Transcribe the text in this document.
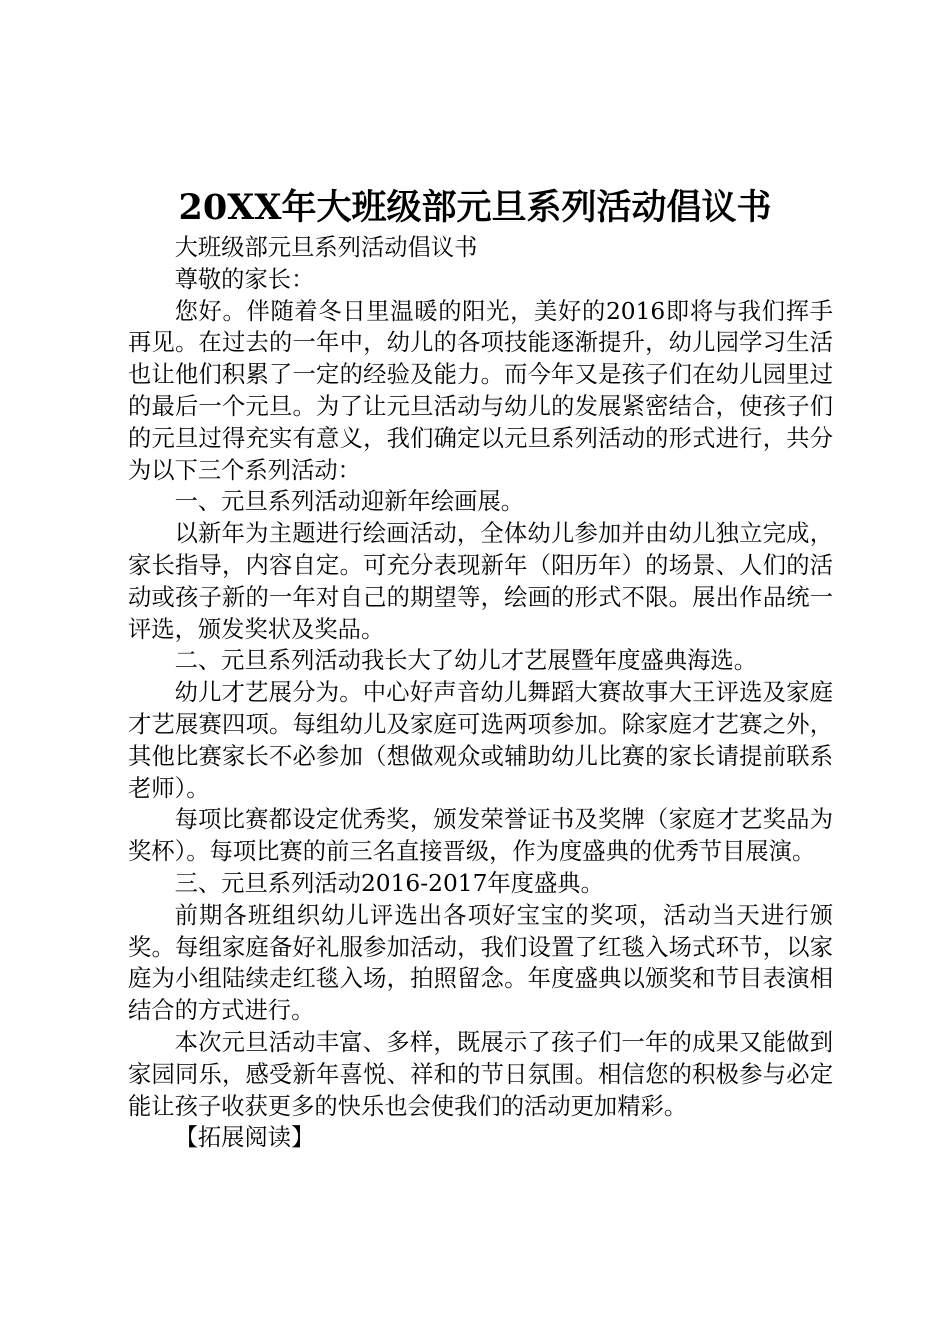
20XX年大班级部元旦系列活动倡议书

大班级部元旦系列活动倡议书

尊敬的家长：

您好。伴随着冬日里温暖的阳光，美好的2016即将与我们挥手再见。在过去的一年中，幼儿的各项技能逐渐提升，幼儿园学习生活也让他们积累了一定的经验及能力。而今年又是孩子们在幼儿园里过的最后一个元旦。为了让元旦活动与幼儿的发展紧密结合，使孩子们的元旦过得充实有意义，我们确定以元旦系列活动的形式进行，共分为以下三个系列活动：

一、元旦系列活动迎新年绘画展。

以新年为主题进行绘画活动，全体幼儿参加并由幼儿独立完成，家长指导，内容自定。可充分表现新年（阳历年）的场景、人们的活动或孩子新的一年对自己的期望等，绘画的形式不限。展出作品统一评选，颁发奖状及奖品。

二、元旦系列活动我长大了幼儿才艺展暨年度盛典海选。

幼儿才艺展分为。中心好声音幼儿舞蹈大赛故事大王评选及家庭才艺展赛四项。每组幼儿及家庭可选两项参加。除家庭才艺赛之外，其他比赛家长不必参加（想做观众或辅助幼儿比赛的家长请提前联系老师）。

每项比赛都设定优秀奖，颁发荣誉证书及奖牌（家庭才艺奖品为奖杯）。每项比赛的前三名直接晋级，作为度盛典的优秀节目展演。

三、元旦系列活动2016-2017年度盛典。

前期各班组织幼儿评选出各项好宝宝的奖项，活动当天进行颁奖。每组家庭备好礼服参加活动，我们设置了红毯入场式环节，以家庭为小组陆续走红毯入场，拍照留念。年度盛典以颁奖和节目表演相结合的方式进行。

本次元旦活动丰富、多样，既展示了孩子们一年的成果又能做到家园同乐，感受新年喜悦、祥和的节日氛围。相信您的积极参与必定能让孩子收获更多的快乐也会使我们的活动更加精彩。

【拓展阅读】
